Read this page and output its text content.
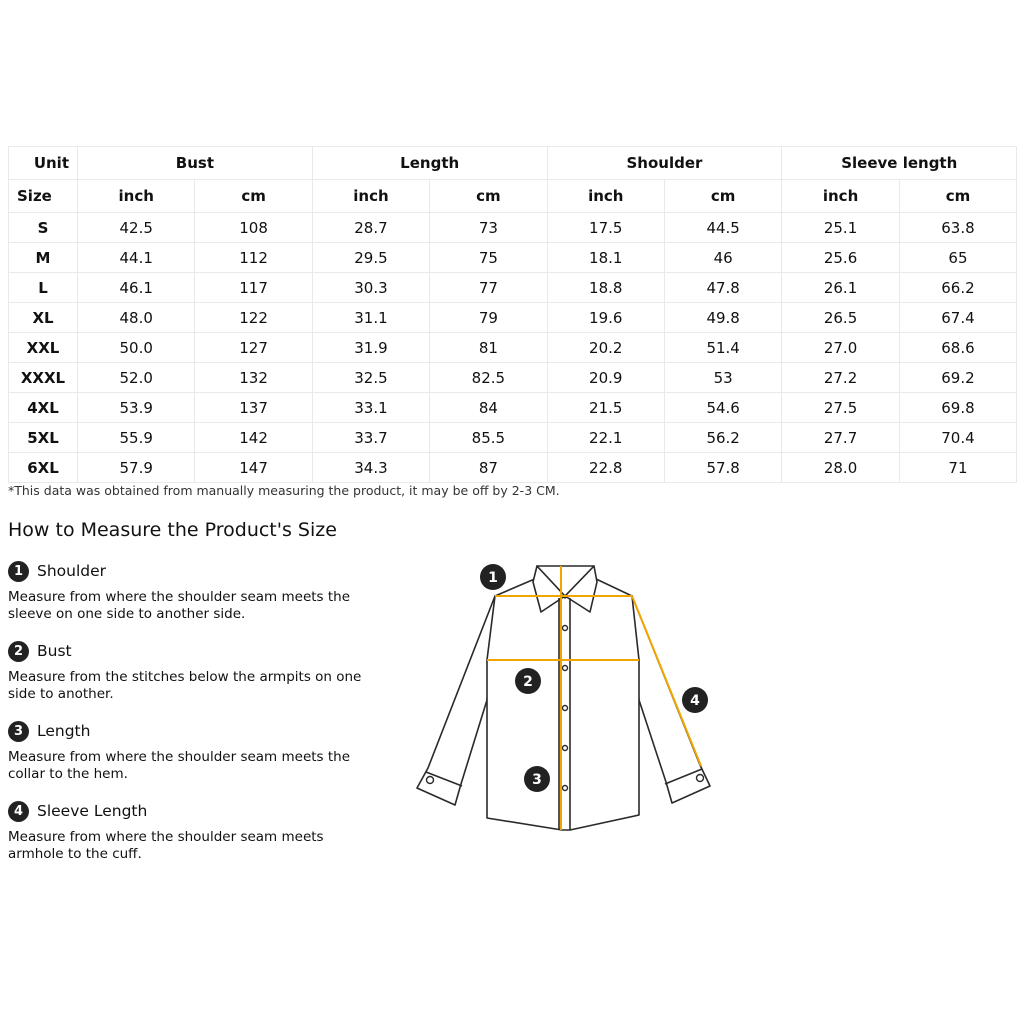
Unit	Bust		Length		Shoulder		Sleeve length	
Size	inch	cm	inch	cm	inch	cm	inch	cm
S	42.5	108	28.7	73	17.5	44.5	25.1	63.8
M	44.1	112	29.5	75	18.1	46	25.6	65
L	46.1	117	30.3	77	18.8	47.8	26.1	66.2
XL	48.0	122	31.1	79	19.6	49.8	26.5	67.4
XXL	50.0	127	31.9	81	20.2	51.4	27.0	68.6
XXXL	52.0	132	32.5	82.5	20.9	53	27.2	69.2
4XL	53.9	137	33.1	84	21.5	54.6	27.5	69.8
5XL	55.9	142	33.7	85.5	22.1	56.2	27.7	70.4
6XL	57.9	147	34.3	87	22.8	57.8	28.0	71
*This data was obtained from manually measuring the product, it may be off by 2-3 CM.
How to Measure the Product's Size
1 Shoulder
Measure from where the shoulder seam meets the sleeve on one side to another side.
2 Bust
Measure from the stitches below the armpits on one side to another.
3 Length
Measure from where the shoulder seam meets the collar to the hem.
4 Sleeve Length
Measure from where the shoulder seam meets armhole to the cuff.
1
2
3
4
